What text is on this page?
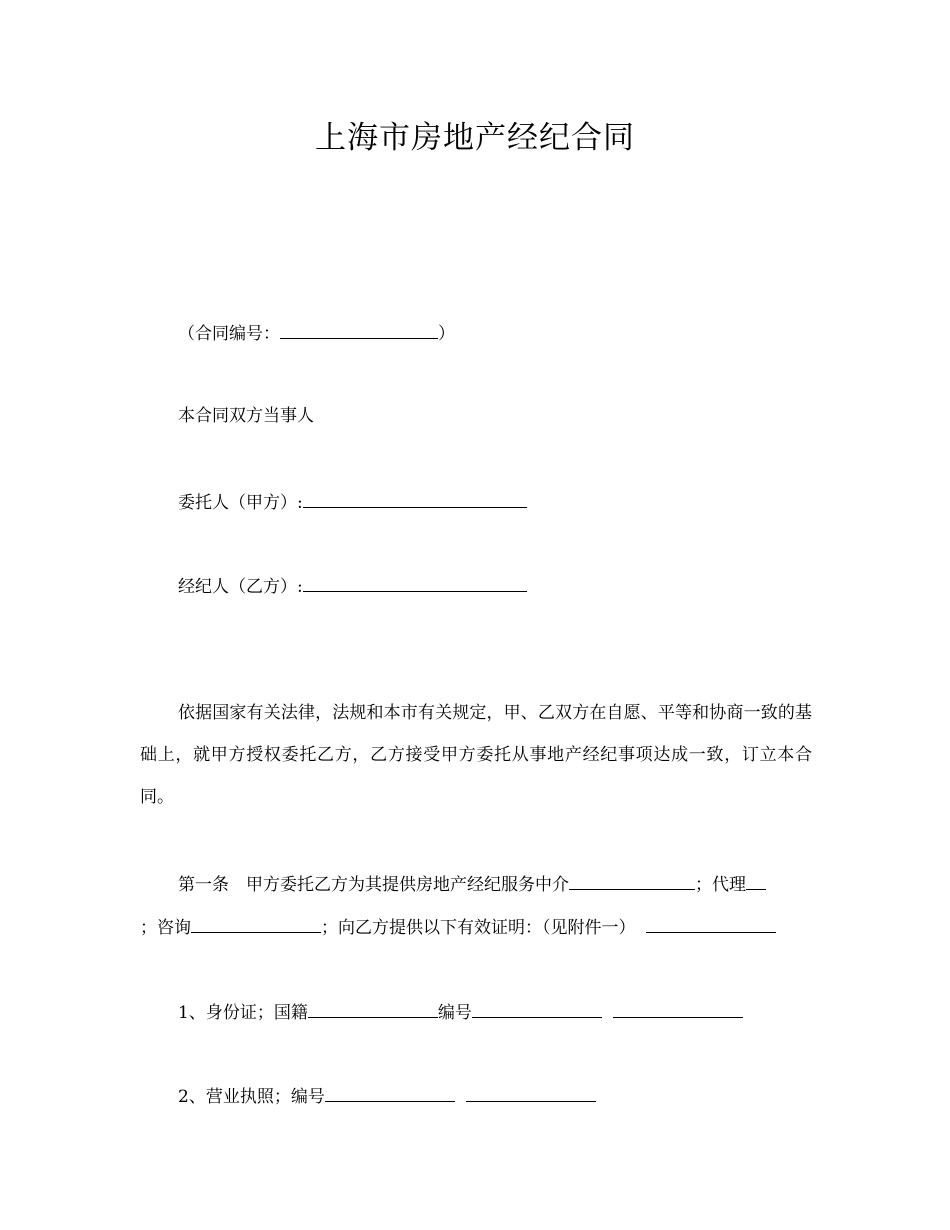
上海市房地产经纪合同
（合同编号：	）
本合同双方当事人
委托人（甲方）:
经纪人（乙方）:
依据国家有关法律，法规和本市有关规定，甲、乙双方在自愿、平等和协商一致的基础上，就甲方授权委托乙方，乙方接受甲方委托从事地产经纪事项达成一致，订立本合同。
第一条　甲方委托乙方为其提供房地产经纪服务中介	；代理
；咨询	；向乙方提供以下有效证明：（见附件一）
1、身份证；国籍	编号
2、营业执照；编号
